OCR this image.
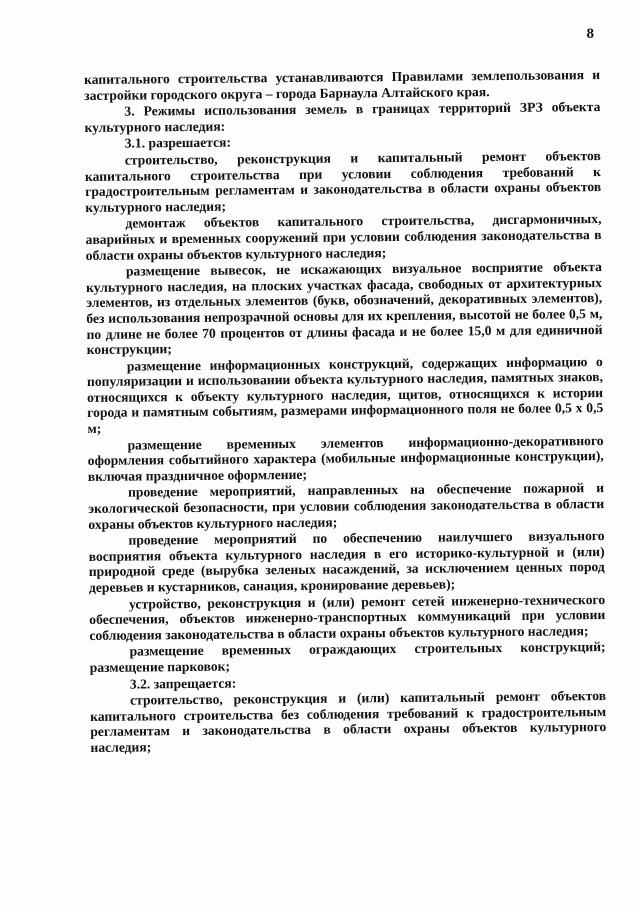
8

капитального строительства устанавливаются Правилами землепользования и застройки городского округа – города Барнаула Алтайского края.

3. Режимы использования земель в границах территорий ЗРЗ объекта культурного наследия:

3.1. разрешается:

строительство, реконструкция и капитальный ремонт объектов капитального строительства при условии соблюдения требований к градостроительным регламентам и законодательства в области охраны объектов культурного наследия;

демонтаж объектов капитального строительства, дисгармоничных, аварийных и временных сооружений при условии соблюдения законодательства в области охраны объектов культурного наследия;

размещение вывесок, не искажающих визуальное восприятие объекта культурного наследия, на плоских участках фасада, свободных от архитектурных элементов, из отдельных элементов (букв, обозначений, декоративных элементов), без использования непрозрачной основы для их крепления, высотой не более 0,5 м, по длине не более 70 процентов от длины фасада и не более 15,0 м для единичной конструкции;

размещение информационных конструкций, содержащих информацию о популяризации и использовании объекта культурного наследия, памятных знаков, относящихся к объекту культурного наследия, щитов, относящихся к истории города и памятным событиям, размерами информационного поля не более 0,5 х 0,5 м;

размещение временных элементов информационно-декоративного оформления событийного характера (мобильные информационные конструкции), включая праздничное оформление;

проведение мероприятий, направленных на обеспечение пожарной и экологической безопасности, при условии соблюдения законодательства в области охраны объектов культурного наследия;

проведение мероприятий по обеспечению наилучшего визуального восприятия объекта культурного наследия в его историко-культурной и (или) природной среде (вырубка зеленых насаждений, за исключением ценных пород деревьев и кустарников, санация, кронирование деревьев);

устройство, реконструкция и (или) ремонт сетей инженерно-технического обеспечения, объектов инженерно-транспортных коммуникаций при условии соблюдения законодательства в области охраны объектов культурного наследия;

размещение временных ограждающих строительных конструкций; размещение парковок;

3.2. запрещается:

строительство, реконструкция и (или) капитальный ремонт объектов капитального строительства без соблюдения требований к градостроительным регламентам и законодательства в области охраны объектов культурного наследия;
